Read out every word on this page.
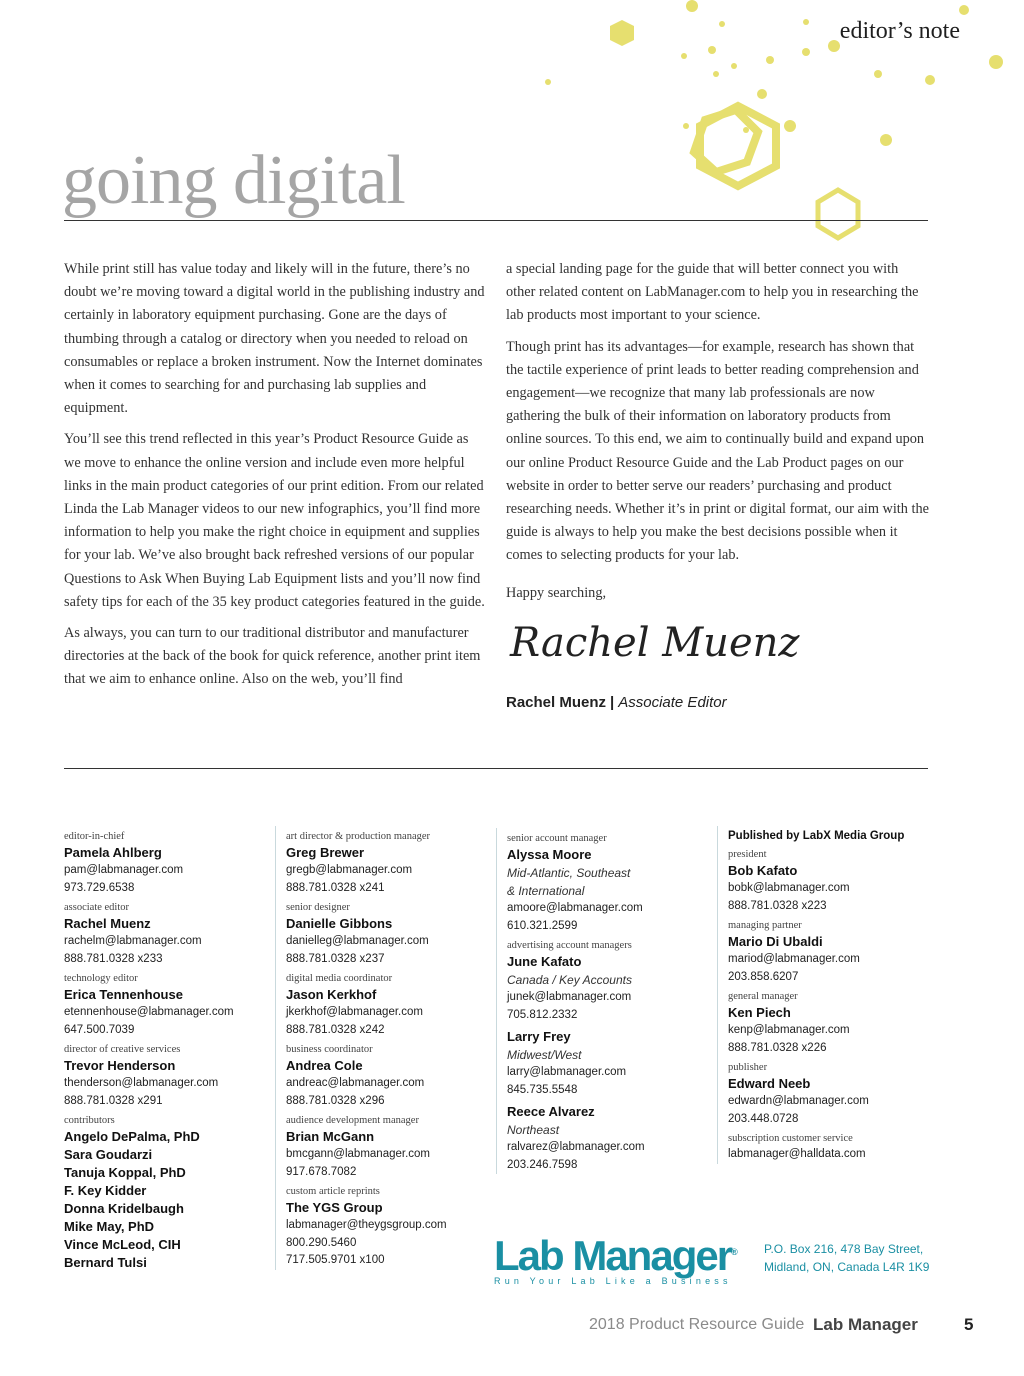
editor’s note
going digital

While print still has value today and likely will in the future, there’s no doubt we’re moving toward a digital world in the publishing industry and certainly in laboratory equipment purchasing. Gone are the days of thumbing through a catalog or directory when you needed to reload on consumables or replace a broken instrument. Now the Internet dominates when it comes to searching for and purchasing lab supplies and equipment.

You’ll see this trend reflected in this year’s Product Resource Guide as we move to enhance the online version and include even more helpful links in the main product categories of our print edition. From our related Linda the Lab Manager videos to our new infographics, you’ll find more information to help you make the right choice in equipment and supplies for your lab. We’ve also brought back refreshed versions of our popular Questions to Ask When Buying Lab Equipment lists and you’ll now find safety tips for each of the 35 key product categories featured in the guide.

As always, you can turn to our traditional distributor and manufacturer directories at the back of the book for quick reference, another print item that we aim to enhance online. Also on the web, you’ll find

a special landing page for the guide that will better connect you with other related content on LabManager.com to help you in researching the lab products most important to your science.

Though print has its advantages—for example, research has shown that the tactile experience of print leads to better reading comprehension and engagement—we recognize that many lab professionals are now gathering the bulk of their information on laboratory products from online sources. To this end, we aim to continually build and expand upon our online Product Resource Guide and the Lab Product pages on our website in order to better serve our readers’ purchasing and product researching needs. Whether it’s in print or digital format, our aim with the guide is always to help you make the best decisions possible when it comes to selecting products for your lab.

Happy searching,

Rachel Muenz
Rachel Muenz | Associate Editor
editor-in-chief
Pamela Ahlberg
pam@labmanager.com
973.729.6538
associate editor
Rachel Muenz
rachelm@labmanager.com
888.781.0328 x233
technology editor
Erica Tennenhouse
etennenhouse@labmanager.com
647.500.7039
director of creative services
Trevor Henderson
thenderson@labmanager.com
888.781.0328 x291
contributors
Angelo DePalma, PhD
Sara Goudarzi
Tanuja Koppal, PhD
F. Key Kidder
Donna Kridelbaugh
Mike May, PhD
Vince McLeod, CIH
Bernard Tulsi
art director & production manager
Greg Brewer
gregb@labmanager.com
888.781.0328 x241
senior designer
Danielle Gibbons
danielleg@labmanager.com
888.781.0328 x237
digital media coordinator
Jason Kerkhof
jkerkhof@labmanager.com
888.781.0328 x242
business coordinator
Andrea Cole
andreac@labmanager.com
888.781.0328 x296
audience development manager
Brian McGann
bmcgann@labmanager.com
917.678.7082
custom article reprints
The YGS Group
labmanager@theygsgroup.com
800.290.5460
717.505.9701 x100
senior account manager
Alyssa Moore
Mid-Atlantic, Southeast
& International
amoore@labmanager.com
610.321.2599
advertising account managers
June Kafato
Canada / Key Accounts
junek@labmanager.com
705.812.2332
Larry Frey
Midwest/West
larry@labmanager.com
845.735.5548
Reece Alvarez
Northeast
ralvarez@labmanager.com
203.246.7598
Published by LabX Media Group
president
Bob Kafato
bobk@labmanager.com
888.781.0328 x223
managing partner
Mario Di Ubaldi
mariod@labmanager.com
203.858.6207
general manager
Ken Piech
kenp@labmanager.com
888.781.0328 x226
publisher
Edward Neeb
edwardn@labmanager.com
203.448.0728
subscription customer service
labmanager@halldata.com
Lab Manager®
Run Your Lab Like a Business
P.O. Box 216, 478 Bay Street,
Midland, ON, Canada L4R 1K9
2018 Product Resource Guide Lab Manager	5
